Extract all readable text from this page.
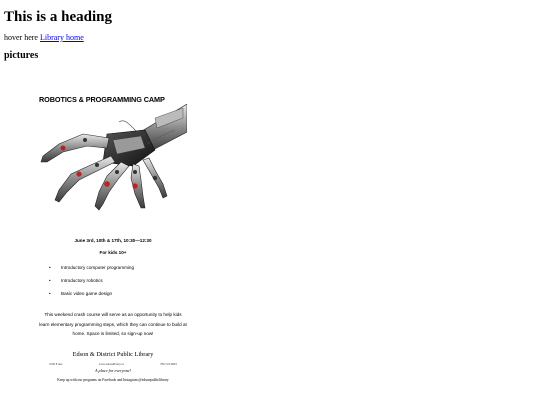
This is a heading

hover here Library home

pictures
ROBOTICS & PROGRAMMING CAMP
June 3rd, 10th & 17th, 10:30—12:30
For kids 10+
• Introductory computer programming
• Introductory robotics
• Basic video game design
This weekend crash course will serve as an opportunity to help kids learn elementary programming steps, which they can continue to build at home. Space is limited, so sign-up now!
Edson & District Public Library
4726 8 Ave	www.edsonlibrary.ca	780-723-6691
A place for everyone!
Keep up with our programs on Facebook and Instagram @edsonpubliclibrary
